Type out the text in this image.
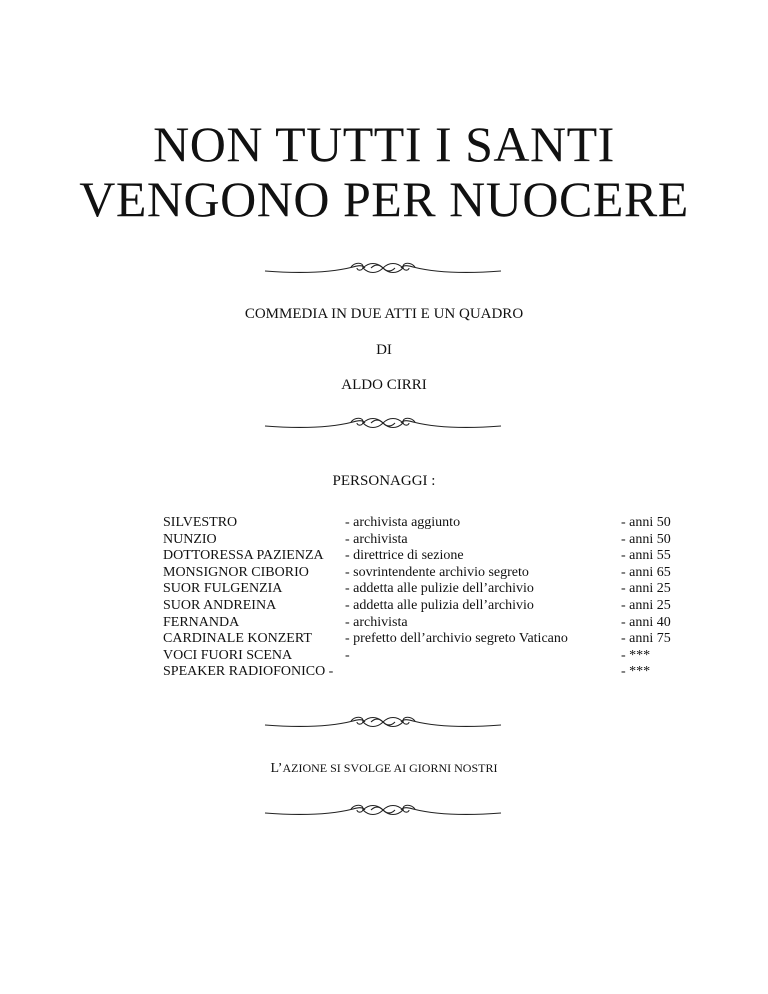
NON TUTTI I SANTI
VENGONO PER NUOCERE
COMMEDIA IN DUE ATTI E UN QUADRO
DI
ALDO CIRRI
PERSONAGGI :
SILVESTRO	- archivista aggiunto	- anni 50
NUNZIO	- archivista	- anni 50
DOTTORESSA PAZIENZA - direttrice di sezione	- anni 55
MONSIGNOR CIBORIO	- sovrintendente archivio segreto	- anni 65
SUOR FULGENZIA	- addetta alle pulizie dell’archivio	- anni 25
SUOR ANDREINA	- addetta alle pulizia dell’archivio	- anni 25
FERNANDA	- archivista	- anni 40
CARDINALE KONZERT - prefetto dell’archivio segreto Vaticano	- anni 75
VOCI FUORI SCENA	-	- ***
SPEAKER RADIOFONICO -	- ***
L’AZIONE SI SVOLGE AI GIORNI NOSTRI
